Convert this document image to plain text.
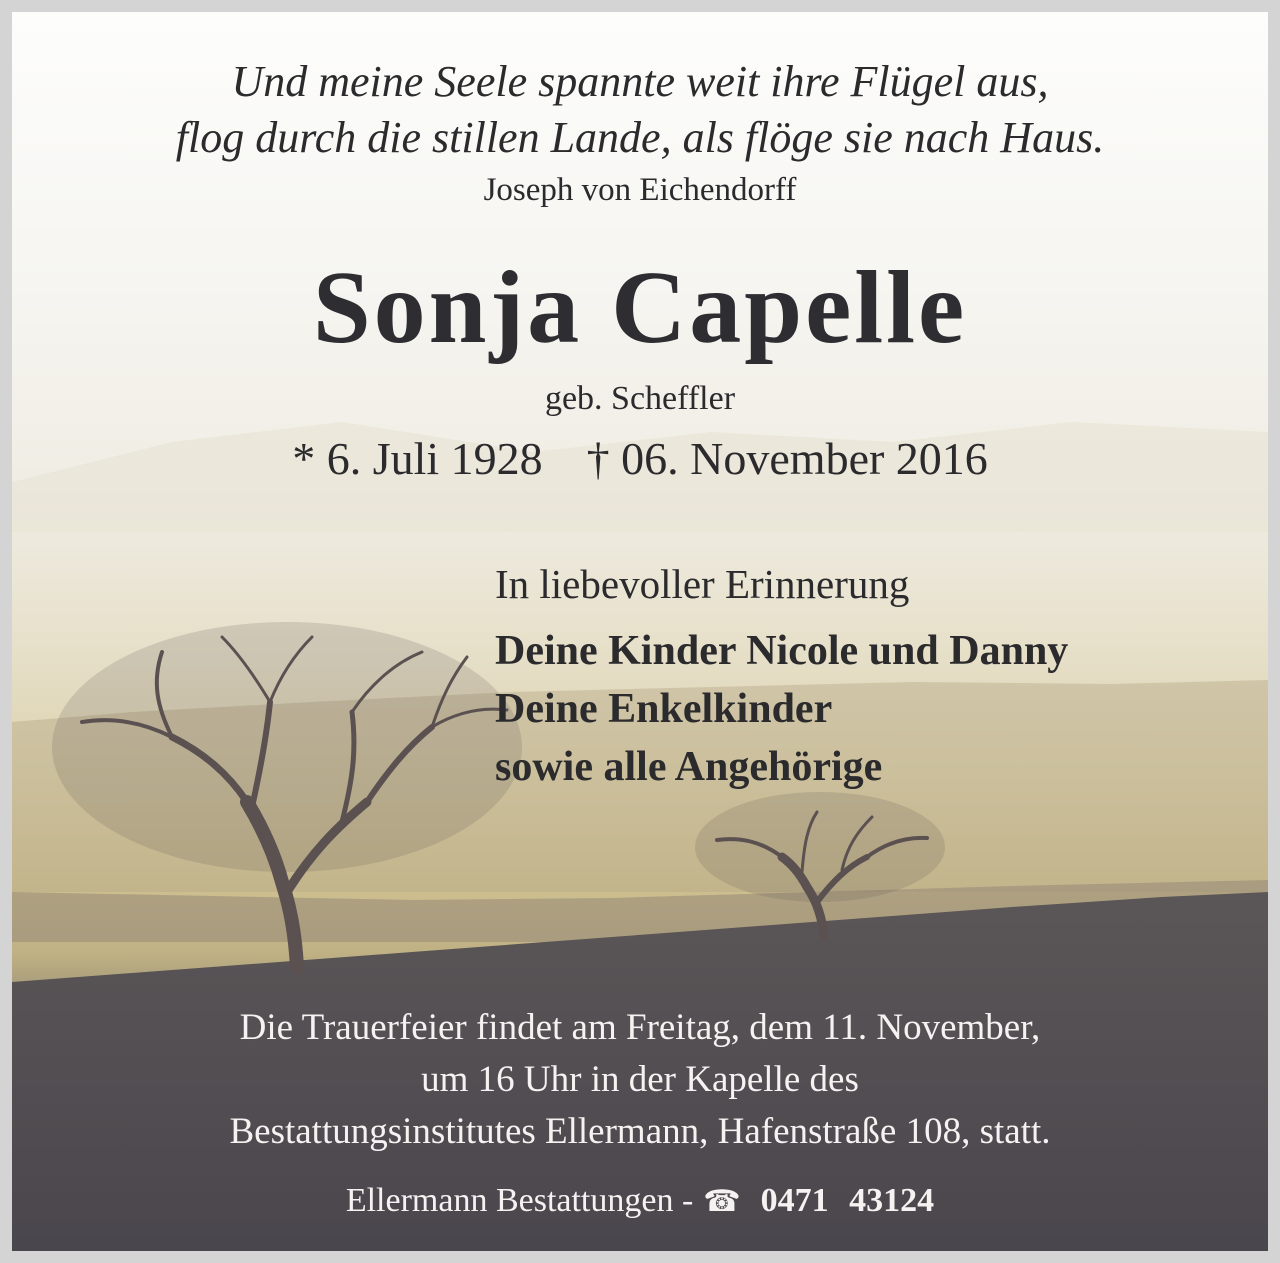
Und meine Seele spannte weit ihre Flügel aus,

flog durch die stillen Lande, als flöge sie nach Haus.

Joseph von Eichendorff

Sonja Capelle

geb. Scheffler

* 6. Juli 1928 † 06. November 2016

In liebevoller Erinnerung

Deine Kinder Nicole und Danny

Deine Enkelkinder

sowie alle Angehörige

Die Trauerfeier findet am Freitag, dem 11. November,

um 16 Uhr in der Kapelle des

Bestattungsinstitutes Ellermann, Hafenstraße 108, statt.

Ellermann Bestattungen - ☎ 0471 43124
